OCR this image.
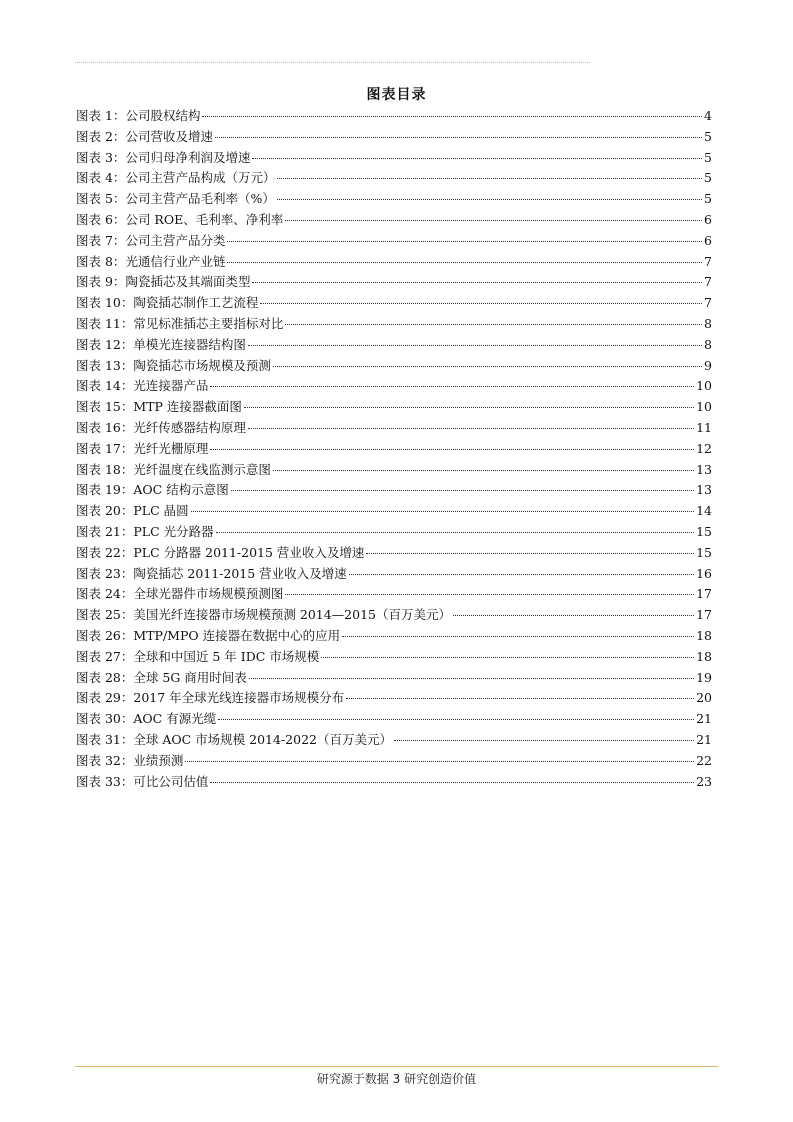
图表目录
图表 1： 公司股权结构	4
图表 2： 公司营收及增速	5
图表 3： 公司归母净利润及增速	5
图表 4： 公司主营产品构成（万元）	5
图表 5： 公司主营产品毛利率（%）	5
图表 6： 公司 ROE、毛利率、净利率	6
图表 7： 公司主营产品分类	6
图表 8： 光通信行业产业链	7
图表 9： 陶瓷插芯及其端面类型	7
图表 10： 陶瓷插芯制作工艺流程	7
图表 11： 常见标准插芯主要指标对比	8
图表 12： 单模光连接器结构图	8
图表 13： 陶瓷插芯市场规模及预测	9
图表 14： 光连接器产品	10
图表 15： MTP 连接器截面图	10
图表 16： 光纤传感器结构原理	11
图表 17： 光纤光栅原理	12
图表 18： 光纤温度在线监测示意图	13
图表 19： AOC 结构示意图	13
图表 20： PLC 晶圆	14
图表 21： PLC 光分路器	15
图表 22： PLC 分路器 2011-2015 营业收入及增速	15
图表 23： 陶瓷插芯 2011-2015 营业收入及增速	16
图表 24： 全球光器件市场规模预测图	17
图表 25： 美国光纤连接器市场规模预测 2014—2015（百万美元）	17
图表 26： MTP/MPO 连接器在数据中心的应用	18
图表 27： 全球和中国近 5 年 IDC 市场规模	18
图表 28： 全球 5G 商用时间表	19
图表 29： 2017 年全球光线连接器市场规模分布	20
图表 30： AOC 有源光缆	21
图表 31： 全球 AOC 市场规模 2014-2022（百万美元）	21
图表 32： 业绩预测	22
图表 33： 可比公司估值	23
研究源于数据 3 研究创造价值
